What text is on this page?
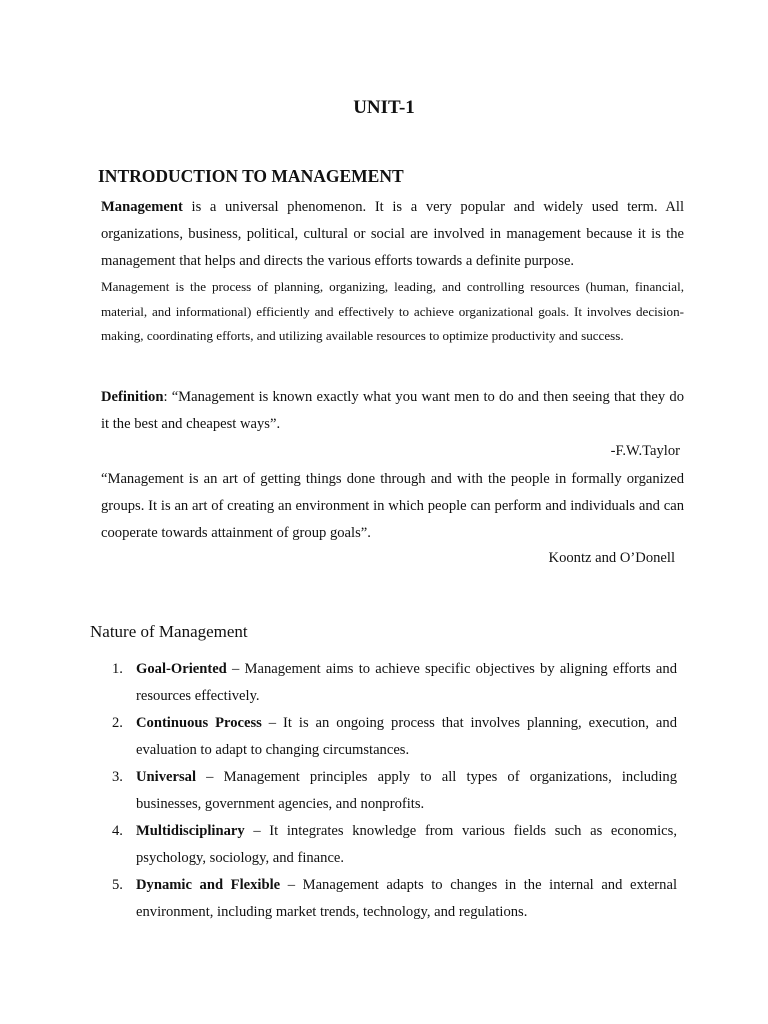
UNIT-1
INTRODUCTION TO MANAGEMENT

Management is a universal phenomenon. It is a very popular and widely used term. All organizations, business, political, cultural or social are involved in management because it is the management that helps and directs the various efforts towards a definite purpose.

Management is the process of planning, organizing, leading, and controlling resources (human, financial, material, and informational) efficiently and effectively to achieve organizational goals. It involves decision-making, coordinating efforts, and utilizing available resources to optimize productivity and success.

Definition: “Management is known exactly what you want men to do and then seeing that they do it the best and cheapest ways”.

-F.W.Taylor

“Management is an art of getting things done through and with the people in formally organized groups. It is an art of creating an environment in which people can perform and individuals and can cooperate towards attainment of group goals”.

Koontz and O’Donell
Nature of Management
1. Goal-Oriented – Management aims to achieve specific objectives by aligning efforts and resources effectively.
2. Continuous Process – It is an ongoing process that involves planning, execution, and evaluation to adapt to changing circumstances.
3. Universal – Management principles apply to all types of organizations, including businesses, government agencies, and nonprofits.
4. Multidisciplinary – It integrates knowledge from various fields such as economics, psychology, sociology, and finance.
5. Dynamic and Flexible – Management adapts to changes in the internal and external environment, including market trends, technology, and regulations.
